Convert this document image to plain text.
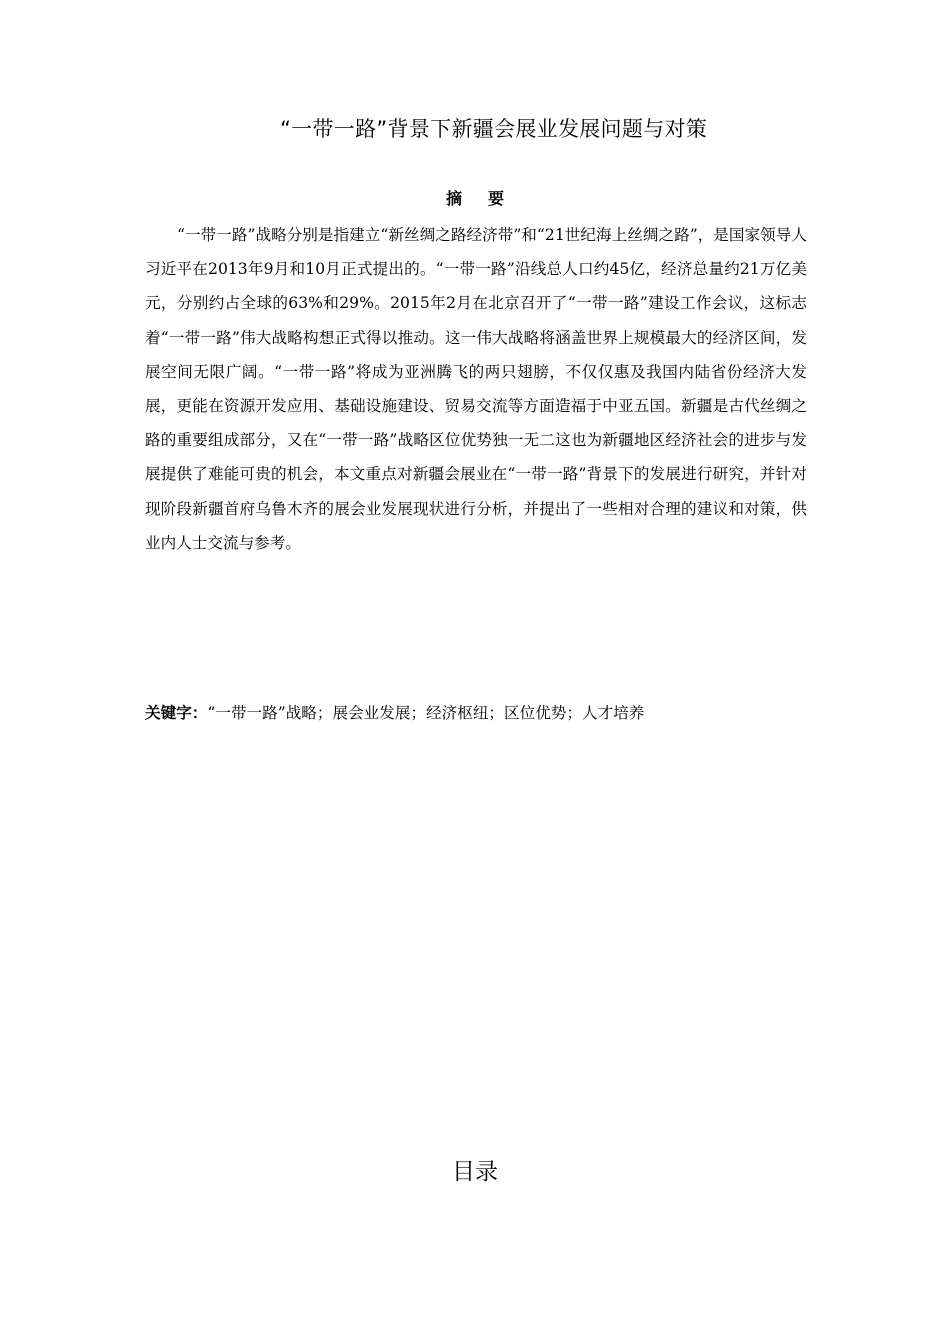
“一带一路”背景下新疆会展业发展问题与对策
摘要

“一带一路”战略分别是指建立“新丝绸之路经济带”和“21世纪海上丝绸之路”，是国家领导人习近平在2013年9月和10月正式提出的。“一带一路”沿线总人口约45亿，经济总量约21万亿美元，分别约占全球的63%和29%。2015年2月在北京召开了“一带一路”建设工作会议，这标志着“一带一路”伟大战略构想正式得以推动。这一伟大战略将涵盖世界上规模最大的经济区间，发展空间无限广阔。“一带一路”将成为亚洲腾飞的两只翅膀，不仅仅惠及我国内陆省份经济大发展，更能在资源开发应用、基础设施建设、贸易交流等方面造福于中亚五国。新疆是古代丝绸之路的重要组成部分，又在“一带一路”战略区位优势独一无二这也为新疆地区经济社会的进步与发展提供了难能可贵的机会，本文重点对新疆会展业在“一带一路”背景下的发展进行研究，并针对现阶段新疆首府乌鲁木齐的展会业发展现状进行分析，并提出了一些相对合理的建议和对策，供业内人士交流与参考。

关键字：“一带一路”战略；展会业发展；经济枢纽；区位优势；人才培养
目录
